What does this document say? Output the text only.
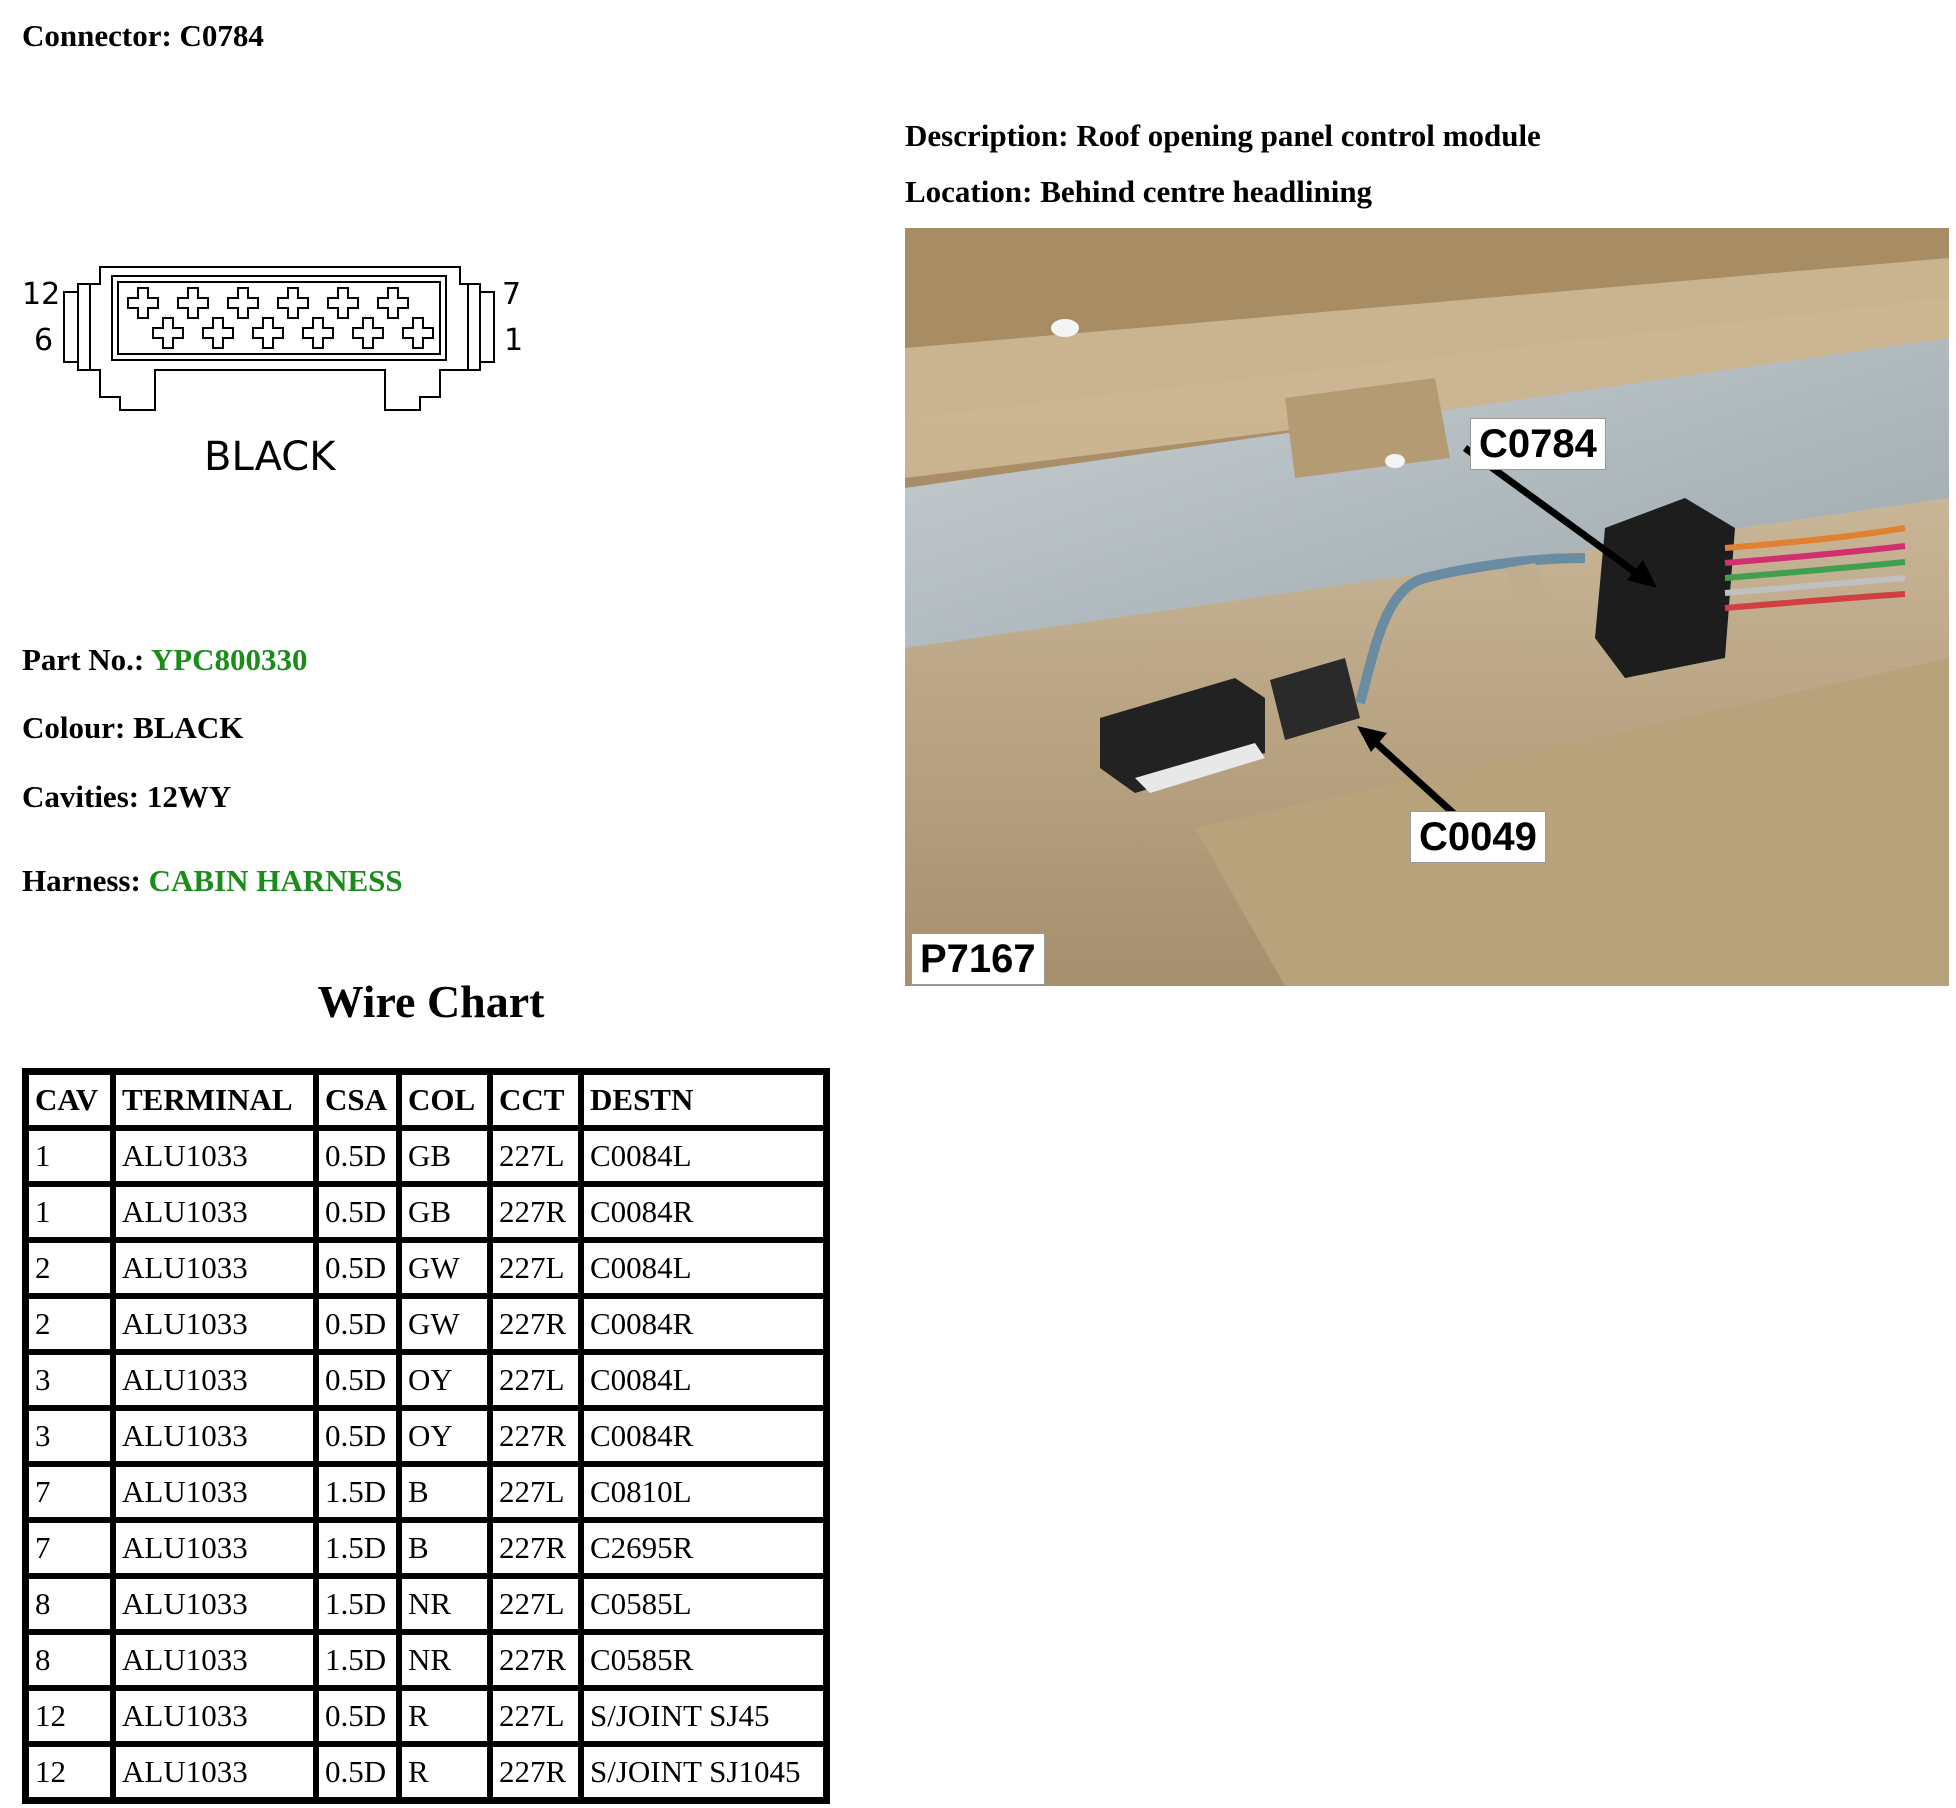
Connector: C0784
Description: Roof opening panel control module
Location: Behind centre headlining
12
6
7
1
BLACK
Part No.: YPC800330
Colour: BLACK
Cavities: 12WY
Harness: CABIN HARNESS
Wire Chart
CAV	TERMINAL	CSA	COL	CCT	DESTN
1	ALU1033	0.5D	GB	227L	C0084L
1	ALU1033	0.5D	GB	227R	C0084R
2	ALU1033	0.5D	GW	227L	C0084L
2	ALU1033	0.5D	GW	227R	C0084R
3	ALU1033	0.5D	OY	227L	C0084L
3	ALU1033	0.5D	OY	227R	C0084R
7	ALU1033	1.5D	B	227L	C0810L
7	ALU1033	1.5D	B	227R	C2695R
8	ALU1033	1.5D	NR	227L	C0585L
8	ALU1033	1.5D	NR	227R	C0585R
12	ALU1033	0.5D	R	227L	S/JOINT SJ45
12	ALU1033	0.5D	R	227R	S/JOINT SJ1045
C0784
C0049
P7167
